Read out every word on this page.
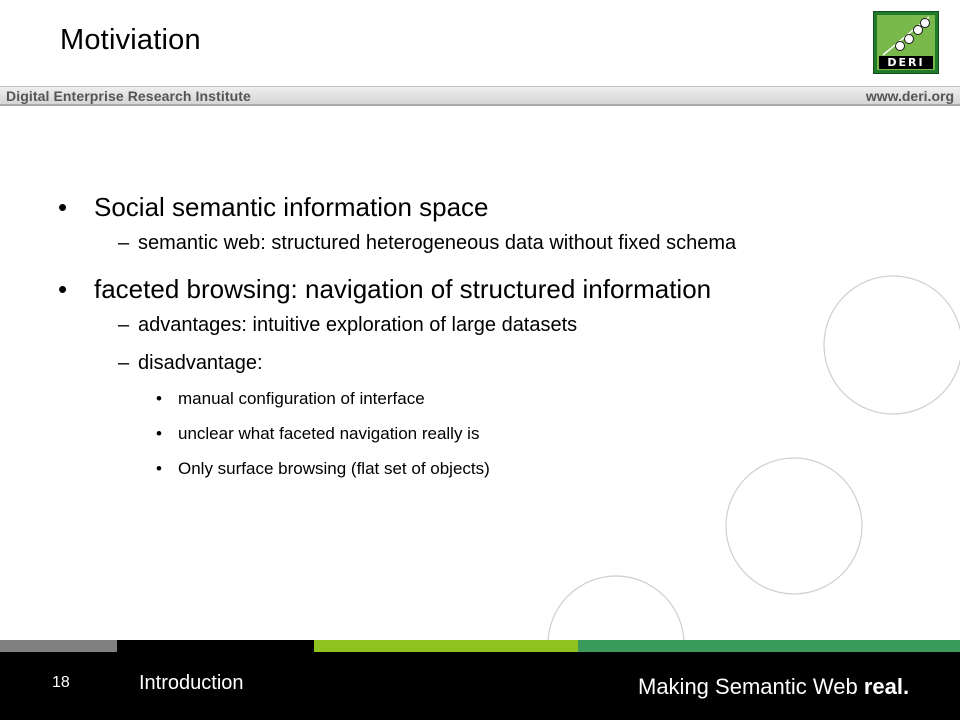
Motiviation
DERI
Digital Enterprise Research Institute	www.deri.org
• Social semantic information space
– semantic web: structured heterogeneous data without fixed schema
• faceted browsing: navigation of structured information
– advantages: intuitive exploration of large datasets
– disadvantage:
• manual configuration of interface
• unclear what faceted navigation really is
• Only surface browsing (flat set of objects)
18	Introduction	Making Semantic Web real.
